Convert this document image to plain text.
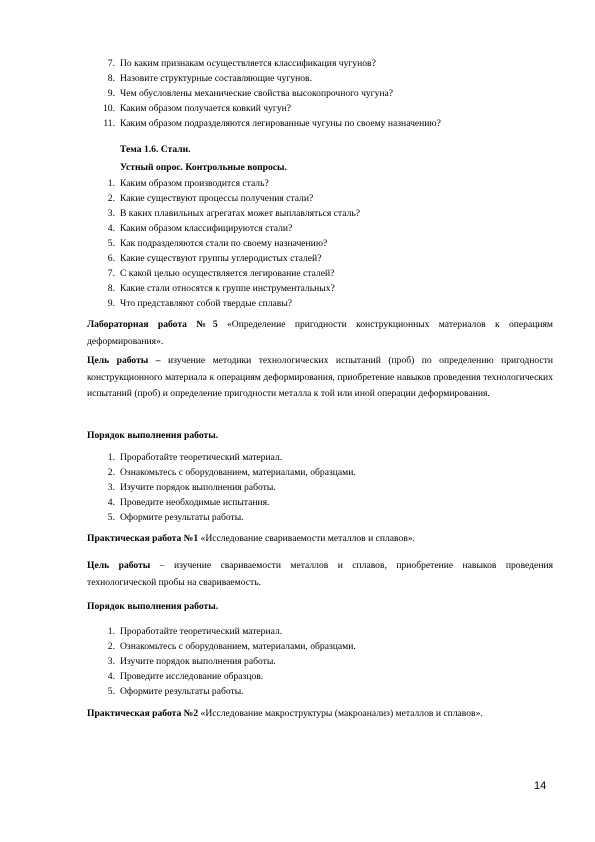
7. По каким признакам осуществляется классификация чугунов?
8. Назовите структурные составляющие чугунов.
9. Чем обусловлены механические свойства высокопрочного чугуна?
10. Каким образом получается ковкий чугун?
11. Каким образом подразделяются легированные чугуны по своему назначению?
Тема 1.6. Стали.
Устный опрос. Контрольные вопросы.
1. Каким образом производится сталь?
2. Какие существуют процессы получения стали?
3. В каких плавильных агрегатах может выплавляться сталь?
4. Каким образом классифицируются стали?
5. Как подразделяются стали по своему назначению?
6. Какие существуют группы углеродистых сталей?
7. С какой целью осуществляется легирование сталей?
8. Какие стали относятся к группе инструментальных?
9. Что представляют собой твердые сплавы?
Лабораторная работа №5 «Определение пригодности конструкционных материалов к операциям деформирования».
Цель работы – изучение методики технологических испытаний (проб) по определению пригодности конструкционного материала к операциям деформирования, приобретение навыков проведения технологических испытаний (проб) и определение пригодности металла к той или иной операции деформирования.
Порядок выполнения работы.
1. Проработайте теоретический материал.
2. Ознакомьтесь с оборудованием, материалами, образцами.
3. Изучите порядок выполнения работы.
4. Проведите необходимые испытания.
5. Оформите результаты работы.
Практическая работа №1 «Исследование свариваемости металлов и сплавов».
Цель работы – изучение свариваемости металлов и сплавов, приобретение навыков проведения технологической пробы на свариваемость.
Порядок выполнения работы.
1. Проработайте теоретический материал.
2. Ознакомьтесь с оборудованием, материалами, образцами.
3. Изучите порядок выполнения работы.
4. Проведите исследование образцов.
5. Оформите результаты работы.
Практическая работа №2 «Исследование макроструктуры (макроанализ) металлов и сплавов».
14
